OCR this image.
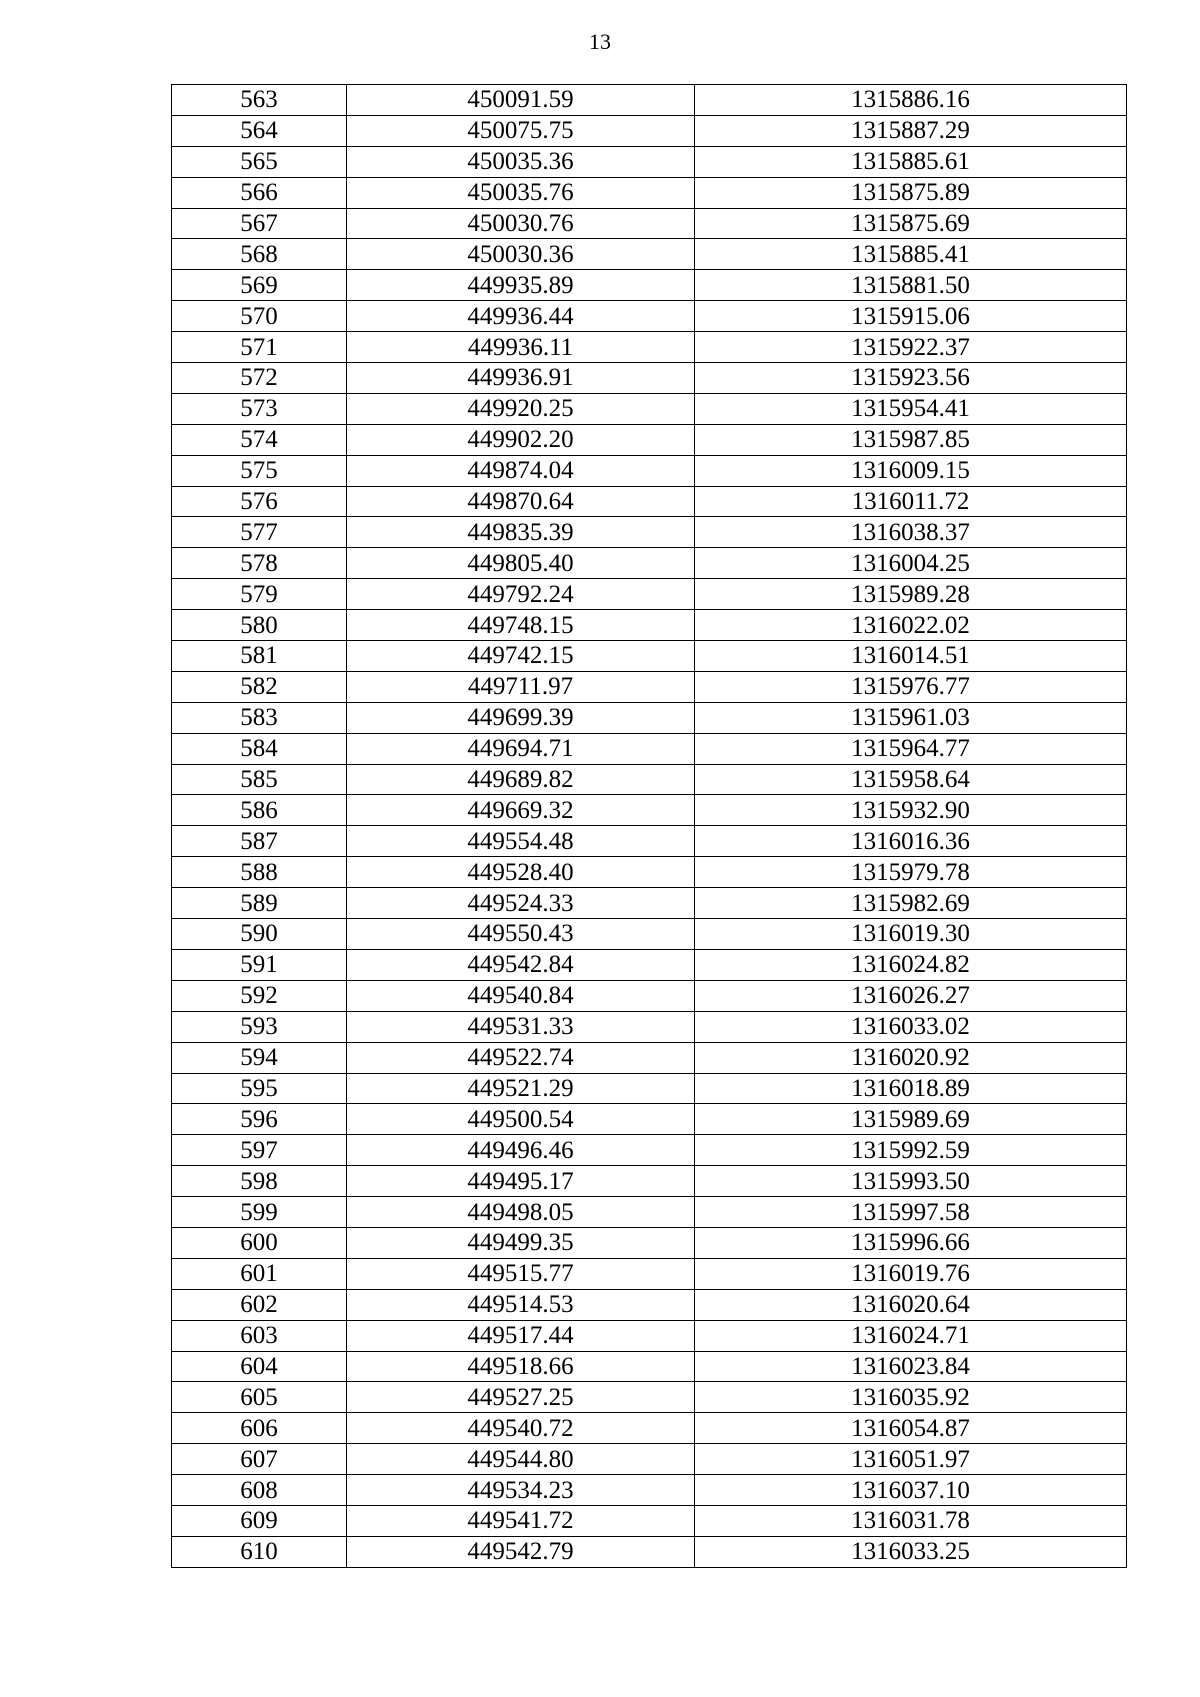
13
563	450091.59	1315886.16
564	450075.75	1315887.29
565	450035.36	1315885.61
566	450035.76	1315875.89
567	450030.76	1315875.69
568	450030.36	1315885.41
569	449935.89	1315881.50
570	449936.44	1315915.06
571	449936.11	1315922.37
572	449936.91	1315923.56
573	449920.25	1315954.41
574	449902.20	1315987.85
575	449874.04	1316009.15
576	449870.64	1316011.72
577	449835.39	1316038.37
578	449805.40	1316004.25
579	449792.24	1315989.28
580	449748.15	1316022.02
581	449742.15	1316014.51
582	449711.97	1315976.77
583	449699.39	1315961.03
584	449694.71	1315964.77
585	449689.82	1315958.64
586	449669.32	1315932.90
587	449554.48	1316016.36
588	449528.40	1315979.78
589	449524.33	1315982.69
590	449550.43	1316019.30
591	449542.84	1316024.82
592	449540.84	1316026.27
593	449531.33	1316033.02
594	449522.74	1316020.92
595	449521.29	1316018.89
596	449500.54	1315989.69
597	449496.46	1315992.59
598	449495.17	1315993.50
599	449498.05	1315997.58
600	449499.35	1315996.66
601	449515.77	1316019.76
602	449514.53	1316020.64
603	449517.44	1316024.71
604	449518.66	1316023.84
605	449527.25	1316035.92
606	449540.72	1316054.87
607	449544.80	1316051.97
608	449534.23	1316037.10
609	449541.72	1316031.78
610	449542.79	1316033.25
